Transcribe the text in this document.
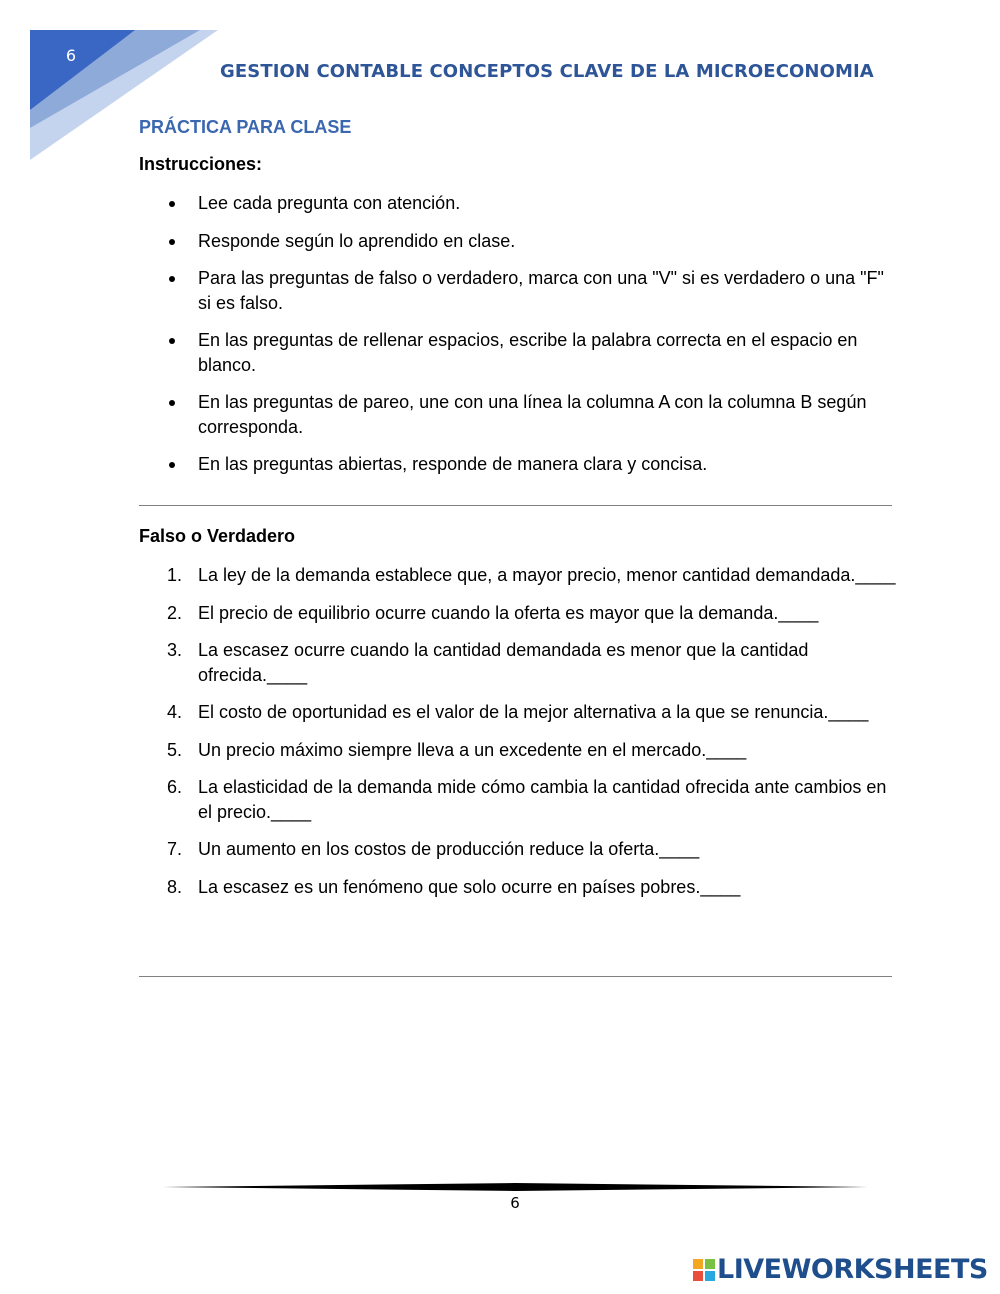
6
GESTION CONTABLE CONCEPTOS CLAVE DE LA MICROECONOMIA
PRÁCTICA PARA CLASE
Instrucciones:
Lee cada pregunta con atención.
Responde según lo aprendido en clase.
Para las preguntas de falso o verdadero, marca con una "V" si es verdadero o una "F" si es falso.
En las preguntas de rellenar espacios, escribe la palabra correcta en el espacio en blanco.
En las preguntas de pareo, une con una línea la columna A con la columna B según corresponda.
En las preguntas abiertas, responde de manera clara y concisa.
Falso o Verdadero
1. La ley de la demanda establece que, a mayor precio, menor cantidad demandada.____
2. El precio de equilibrio ocurre cuando la oferta es mayor que la demanda.____
3. La escasez ocurre cuando la cantidad demandada es menor que la cantidad ofrecida.____
4. El costo de oportunidad es el valor de la mejor alternativa a la que se renuncia.____
5. Un precio máximo siempre lleva a un excedente en el mercado.____
6. La elasticidad de la demanda mide cómo cambia la cantidad ofrecida ante cambios en el precio.____
7. Un aumento en los costos de producción reduce la oferta.____
8. La escasez es un fenómeno que solo ocurre en países pobres.____
6
LIVEWORKSHEETS
